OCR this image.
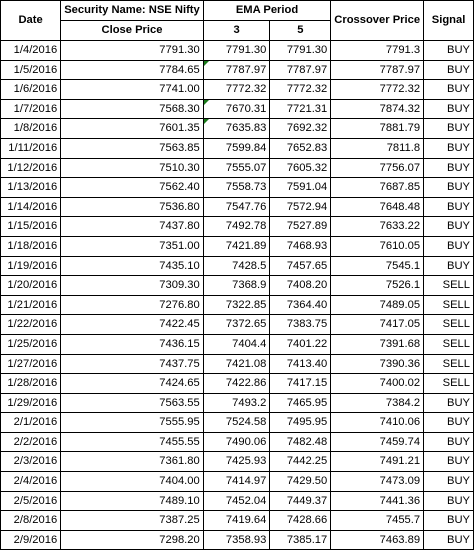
Date	Security Name: NSE Nifty	EMA Period		Crossover Price	Signal
	Close Price	3	5		
1/4/2016	7791.30	7791.30	7791.30	7791.3	BUY
1/5/2016	7784.65	7787.97	7787.97	7787.97	BUY
1/6/2016	7741.00	7772.32	7772.32	7772.32	BUY
1/7/2016	7568.30	7670.31	7721.31	7874.32	BUY
1/8/2016	7601.35	7635.83	7692.32	7881.79	BUY
1/11/2016	7563.85	7599.84	7652.83	7811.8	BUY
1/12/2016	7510.30	7555.07	7605.32	7756.07	BUY
1/13/2016	7562.40	7558.73	7591.04	7687.85	BUY
1/14/2016	7536.80	7547.76	7572.94	7648.48	BUY
1/15/2016	7437.80	7492.78	7527.89	7633.22	BUY
1/18/2016	7351.00	7421.89	7468.93	7610.05	BUY
1/19/2016	7435.10	7428.5	7457.65	7545.1	BUY
1/20/2016	7309.30	7368.9	7408.20	7526.1	SELL
1/21/2016	7276.80	7322.85	7364.40	7489.05	SELL
1/22/2016	7422.45	7372.65	7383.75	7417.05	SELL
1/25/2016	7436.15	7404.4	7401.22	7391.68	SELL
1/27/2016	7437.75	7421.08	7413.40	7390.36	SELL
1/28/2016	7424.65	7422.86	7417.15	7400.02	SELL
1/29/2016	7563.55	7493.2	7465.95	7384.2	BUY
2/1/2016	7555.95	7524.58	7495.95	7410.06	BUY
2/2/2016	7455.55	7490.06	7482.48	7459.74	BUY
2/3/2016	7361.80	7425.93	7442.25	7491.21	BUY
2/4/2016	7404.00	7414.97	7429.50	7473.09	BUY
2/5/2016	7489.10	7452.04	7449.37	7441.36	BUY
2/8/2016	7387.25	7419.64	7428.66	7455.7	BUY
2/9/2016	7298.20	7358.93	7385.17	7463.89	BUY
